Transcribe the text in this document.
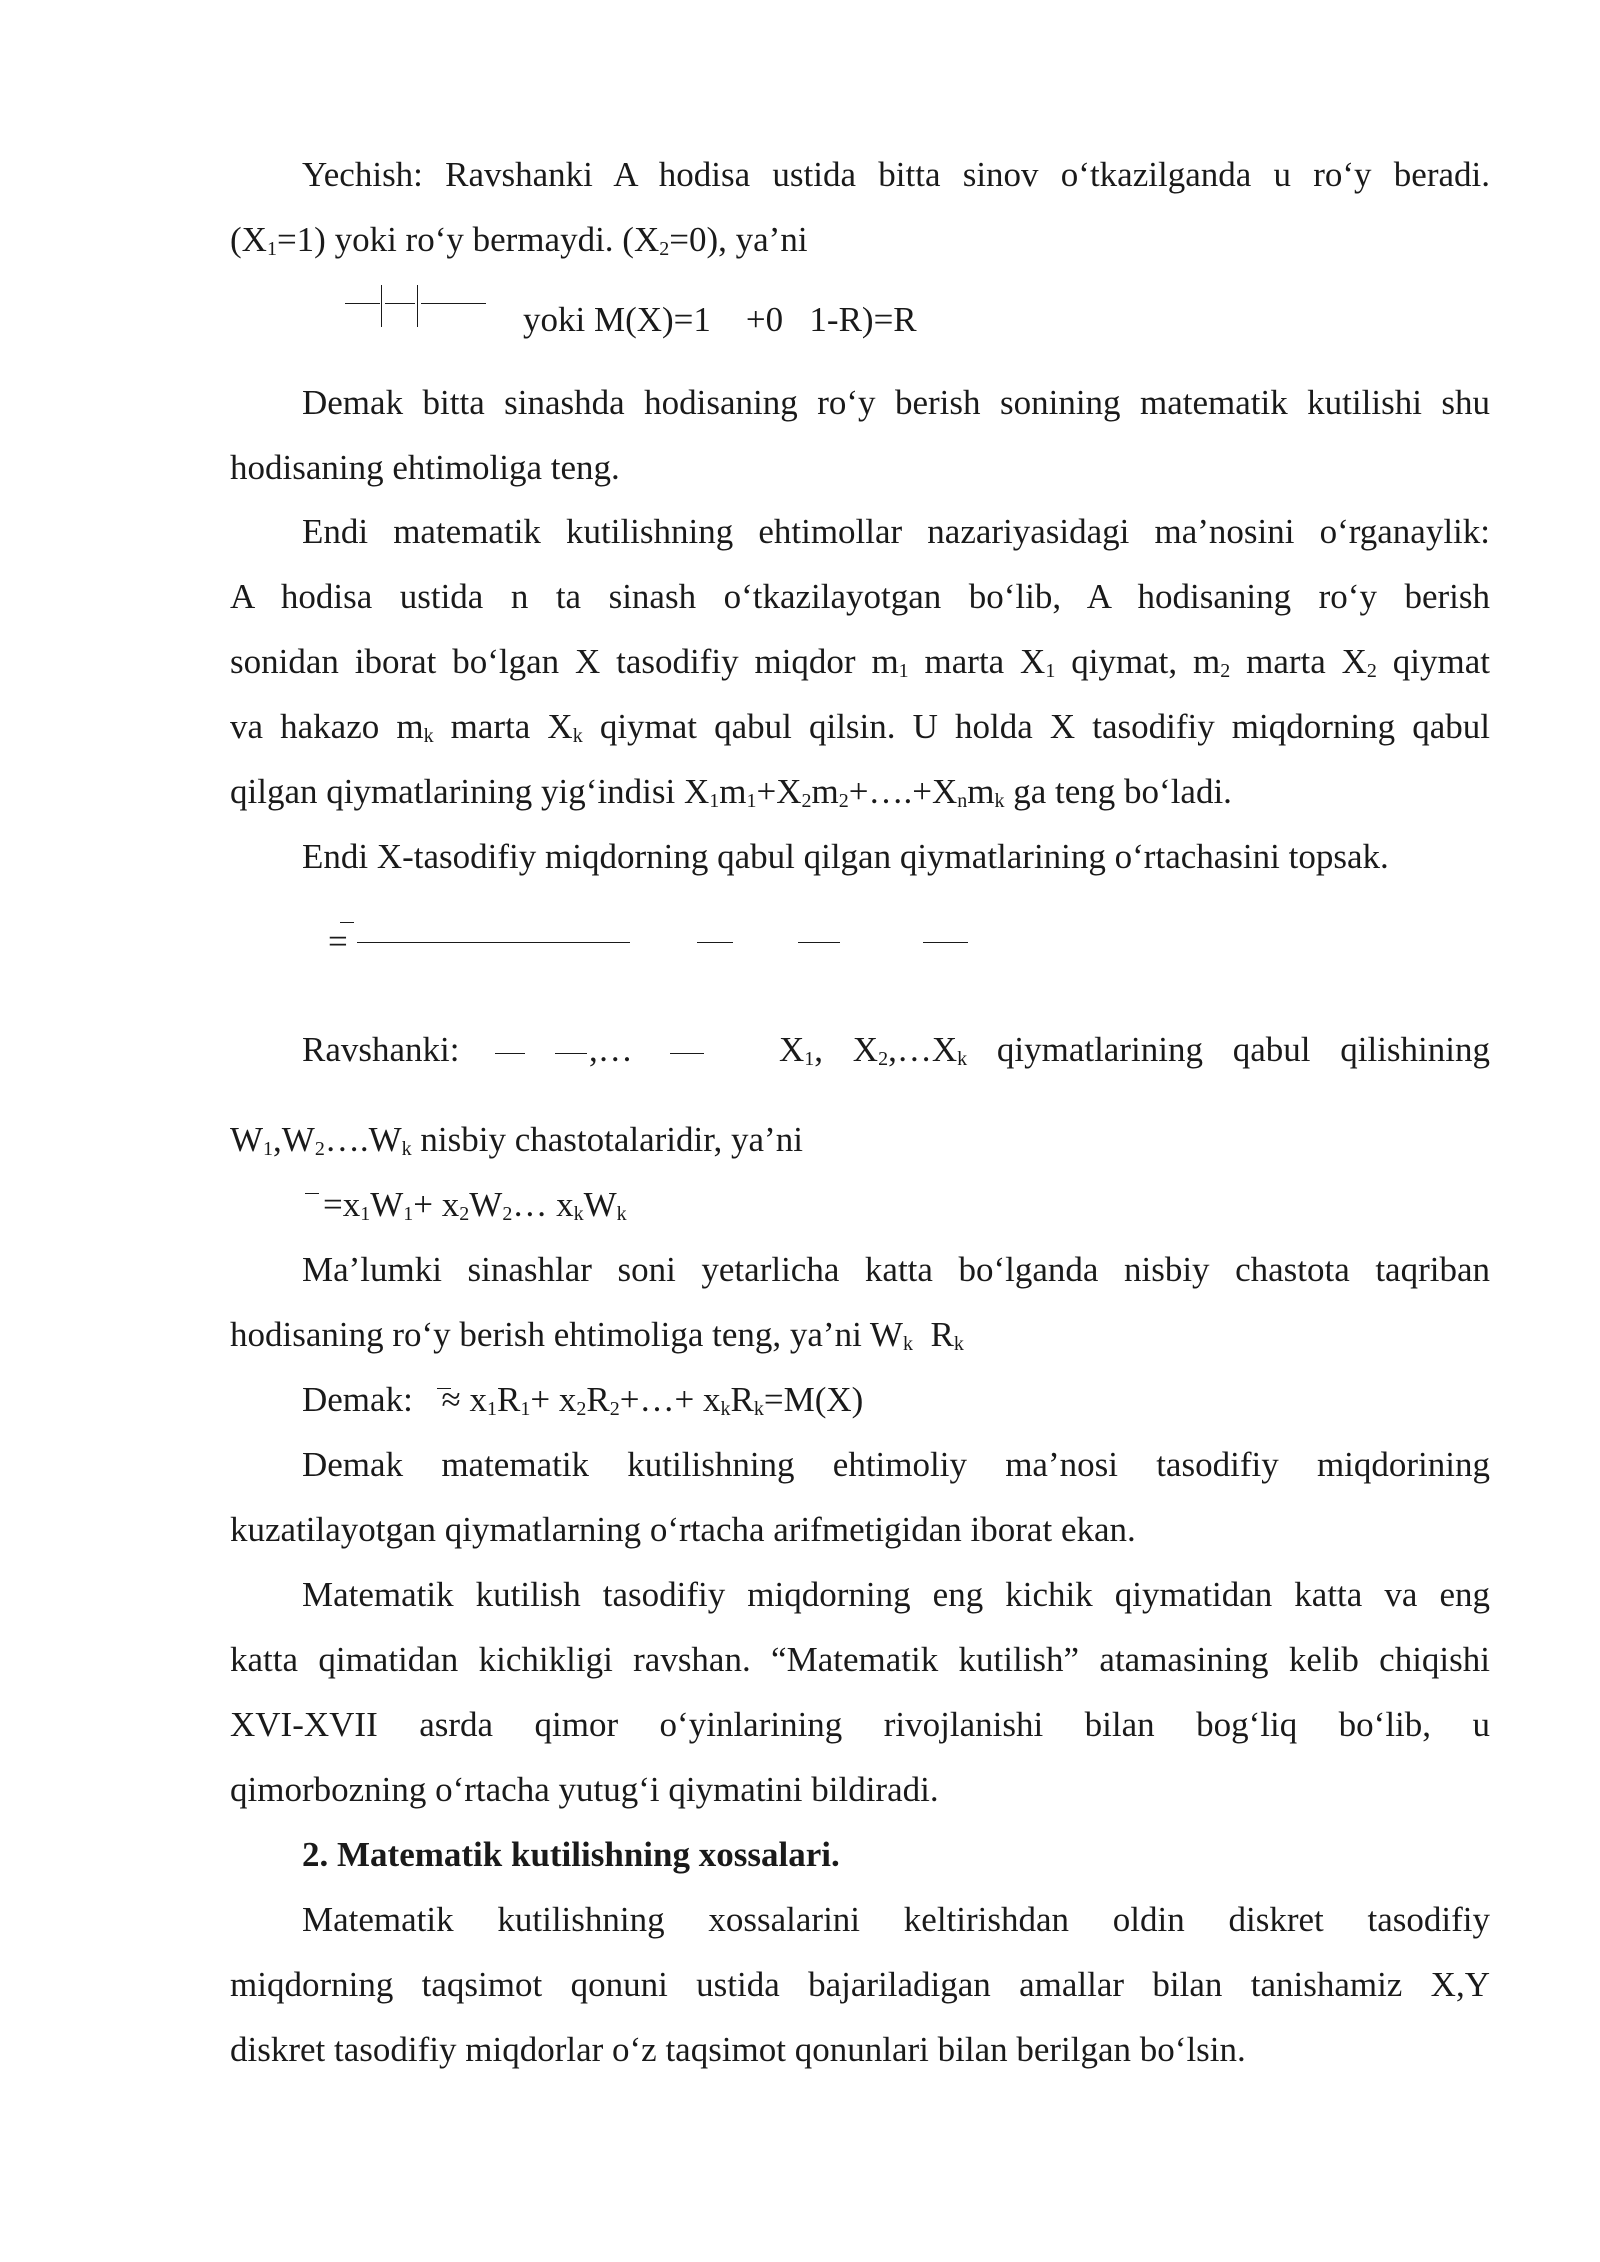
Yechish: Ravshanki A hodisa ustida bitta sinov oʻtkazilganda u roʻy beradi.
$(X_1=1)$ yoki roʻy bermaydi. $(X_2=0)$, ya’ni
yoki M(X)=1    +0   1-R)=R
Demak bitta sinashda hodisaning roʻy berish sonining matematik kutilishi shu
hodisaning ehtimoliga teng.
Endi matematik kutilishning ehtimollar nazariyasidagi ma’nosini oʻrganaylik:
A hodisa ustida n ta sinash oʻtkazilayotgan boʻlib, A hodisaning roʻy berish
sonidan iborat boʻlgan X tasodifiy miqdor $m_1$ marta $X_1$ qiymat, $m_2$ marta $X_2$ qiymat
va hakazo $m_k$ marta $X_k$ qiymat qabul qilsin. U holda X tasodifiy miqdorning qabul
qilgan qiymatlarining yigʻindisi $X_1m_1+X_2m_2+\dots.+X_nm_k$ ga teng boʻladi.
Endi X-tasodifiy miqdorning qabul qilgan qiymatlarining oʻrtachasini topsak.
=
Ravshanki:	,…	$X_1$, $X_2,\dots X_k$ qiymatlarining qabul qilishining
$W_1,W_2\dots.W_k$ nisbiy chastotalaridir, ya’ni
$=x_1W_1+$ $x_2W_2\dots$ $x_kW_k$
Ma’lumki sinashlar soni yetarlicha katta boʻlganda nisbiy chastota taqriban
hodisaning roʻy berish ehtimoliga teng, ya’ni $W_k$  $R_k$
Demak: ≈ $x_1R_1+$ $x_2R_2+\dots+ x_kR_k=M(X)$
Demak matematik kutilishning ehtimoliy ma’nosi tasodifiy miqdorining
kuzatilayotgan qiymatlarning oʻrtacha arifmetigidan iborat ekan.
Matematik kutilish tasodifiy miqdorning eng kichik qiymatidan katta va eng
katta qimatidan kichikligi ravshan. “Matematik kutilish” atamasining kelib chiqishi
XVI-XVII asrda qimor oʻyinlarining rivojlanishi bilan bogʻliq boʻlib, u
qimorbozning oʻrtacha yutugʻi qiymatini bildiradi.
2. Matematik kutilishning xossalari.
Matematik kutilishning xossalarini keltirishdan oldin diskret tasodifiy
miqdorning taqsimot qonuni ustida bajariladigan amallar bilan tanishamiz X,Y
diskret tasodifiy miqdorlar oʻz taqsimot qonunlari bilan berilgan boʻlsin.
